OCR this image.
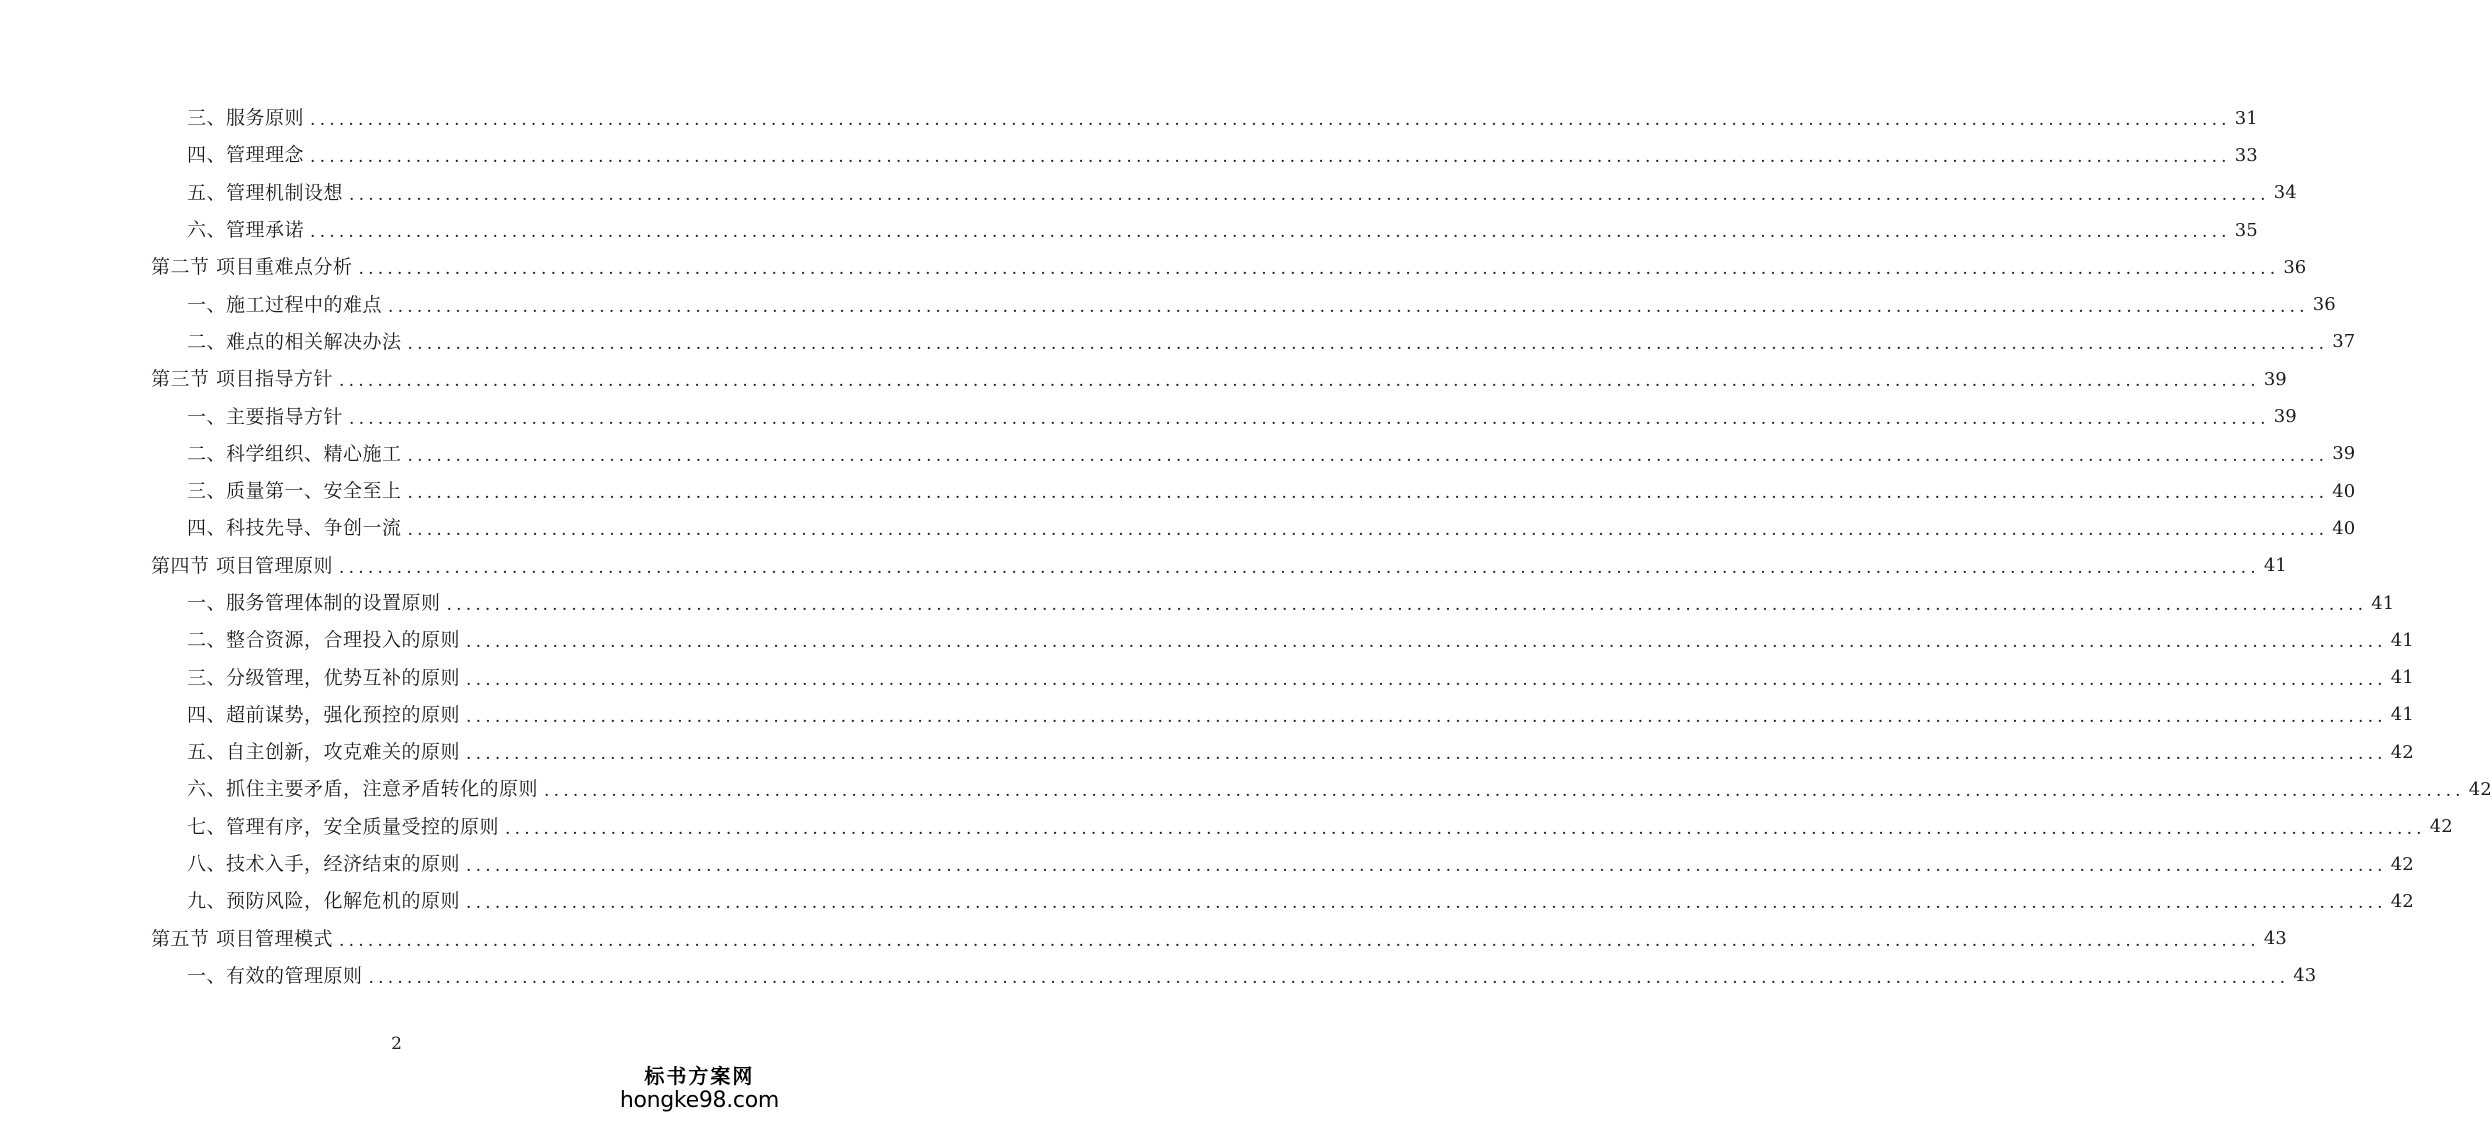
三、服务原则 ........................................................................................................................................................................................................ 31
四、管理理念 ........................................................................................................................................................................................................ 33
五、管理机制设想 ........................................................................................................................................................................................................ 34
六、管理承诺 ........................................................................................................................................................................................................ 35
第二节 项目重难点分析 ........................................................................................................................................................................................................ 36
一、施工过程中的难点 ........................................................................................................................................................................................................ 36
二、难点的相关解决办法 ........................................................................................................................................................................................................ 37
第三节 项目指导方针 ........................................................................................................................................................................................................ 39
一、主要指导方针 ........................................................................................................................................................................................................ 39
二、科学组织、精心施工 ........................................................................................................................................................................................................ 39
三、质量第一、安全至上 ........................................................................................................................................................................................................ 40
四、科技先导、争创一流 ........................................................................................................................................................................................................ 40
第四节 项目管理原则 ........................................................................................................................................................................................................ 41
一、服务管理体制的设置原则 ........................................................................................................................................................................................................ 41
二、整合资源，合理投入的原则 ........................................................................................................................................................................................................ 41
三、分级管理，优势互补的原则 ........................................................................................................................................................................................................ 41
四、超前谋势，强化预控的原则 ........................................................................................................................................................................................................ 41
五、自主创新，攻克难关的原则 ........................................................................................................................................................................................................ 42
六、抓住主要矛盾，注意矛盾转化的原则 ........................................................................................................................................................................................................ 42
七、管理有序，安全质量受控的原则 ........................................................................................................................................................................................................ 42
八、技术入手，经济结束的原则 ........................................................................................................................................................................................................ 42
九、预防风险，化解危机的原则 ........................................................................................................................................................................................................ 42
第五节 项目管理模式 ........................................................................................................................................................................................................ 43
一、有效的管理原则 ........................................................................................................................................................................................................ 43
2
标书方案网
hongke98.com
